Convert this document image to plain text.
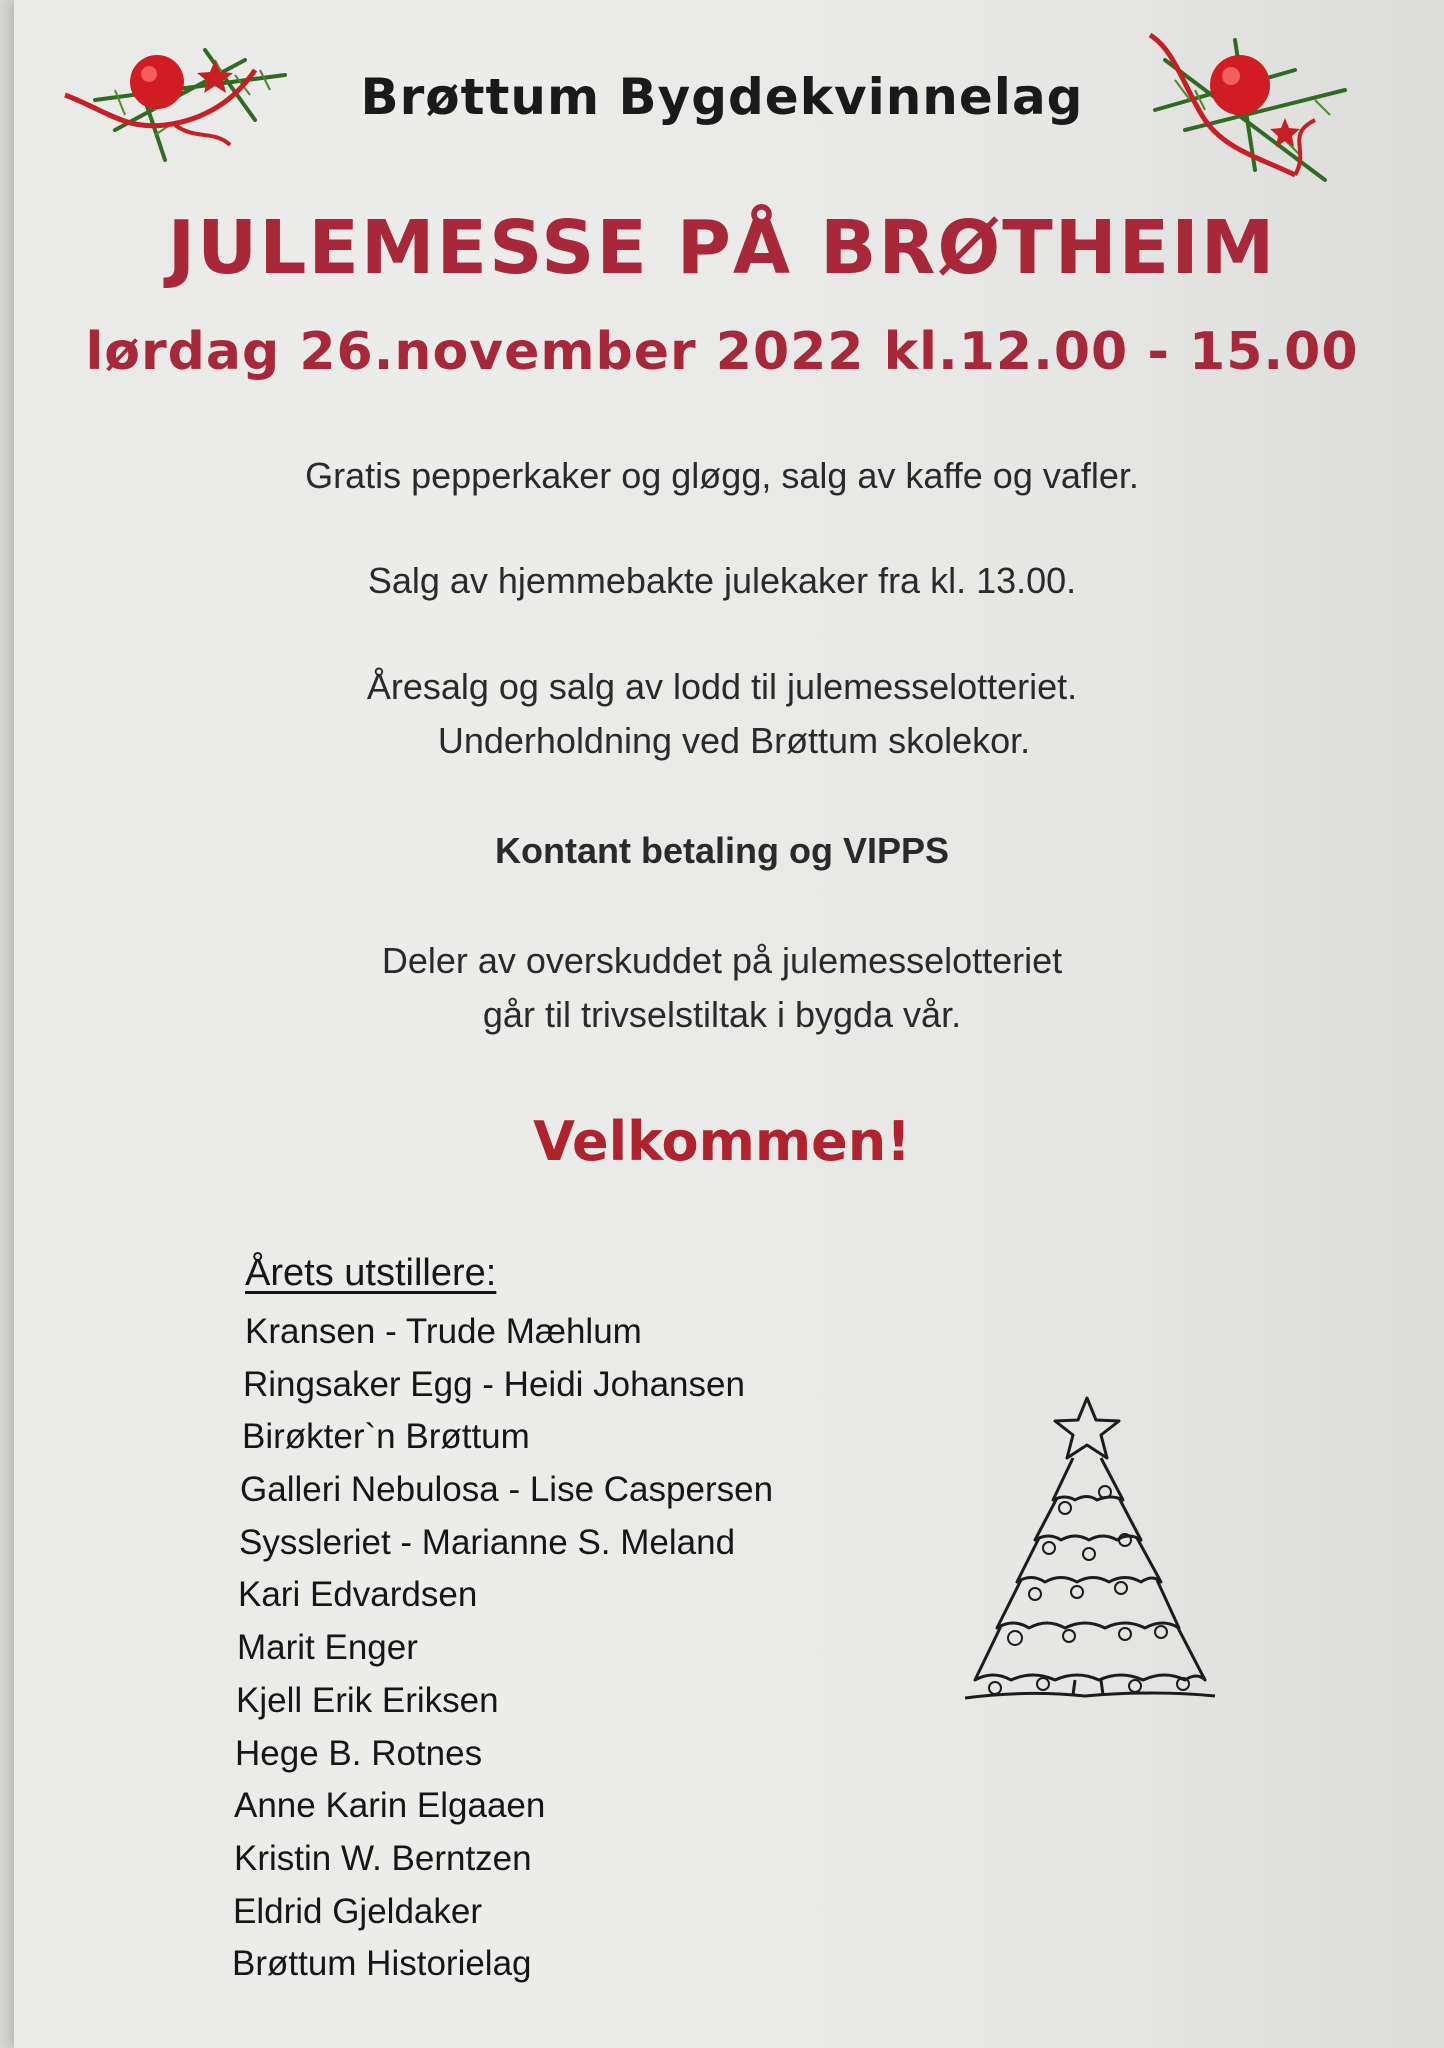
Brøttum Bygdekvinnelag
JULEMESSE PÅ BRØTHEIM
lørdag 26.november 2022 kl.12.00 - 15.00
Gratis pepperkaker og gløgg, salg av kaffe og vafler.
Salg av hjemmebakte julekaker fra kl. 13.00.
Åresalg og salg av lodd til julemesselotteriet.
Underholdning ved Brøttum skolekor.
Kontant betaling og VIPPS
Deler av overskuddet på julemesselotteriet
går til trivselstiltak i bygda vår.
Velkommen!
Årets utstillere:
Kransen - Trude Mæhlum
Ringsaker Egg - Heidi Johansen
Birøkter`n Brøttum
Galleri Nebulosa - Lise Caspersen
Syssleriet - Marianne S. Meland
Kari Edvardsen
Marit Enger
Kjell Erik Eriksen
Hege B. Rotnes
Anne Karin Elgaaen
Kristin W. Berntzen
Eldrid Gjeldaker
Brøttum Historielag
